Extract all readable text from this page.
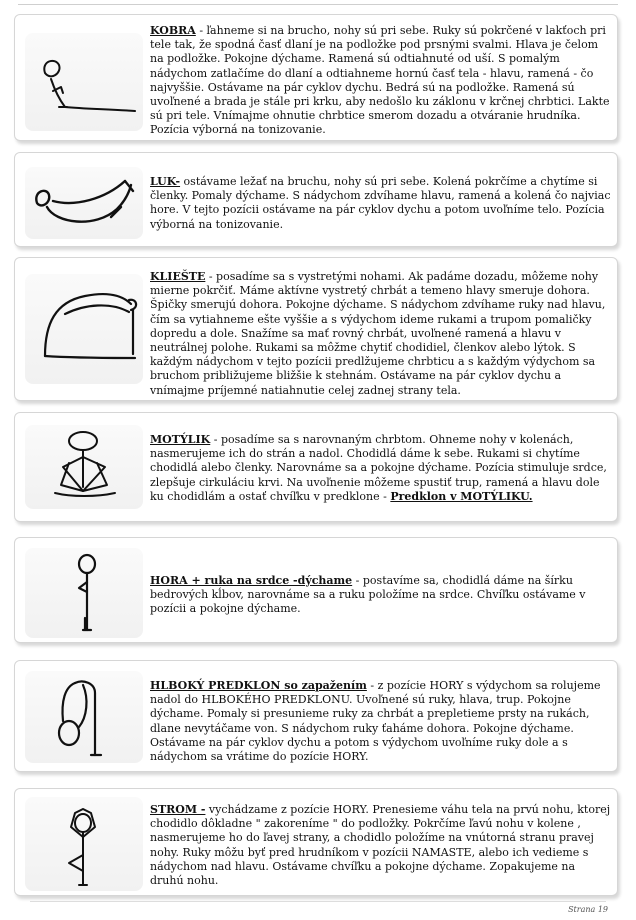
KOBRA - ľahneme si na brucho, nohy sú pri sebe. Ruky sú pokrčené v lakťoch pri tele tak, že spodná časť dlaní je na podložke pod prsnými svalmi. Hlava je čelom na podložke. Pokojne dýchame. Ramená sú odtiahnuté od uší. S pomalým nádychom zatlačíme do dlaní a odtiahneme hornú časť tela - hlavu, ramená - čo najvyššie. Ostávame na pár cyklov dychu. Bedrá sú na podložke. Ramená sú uvoľnené a brada je stále pri krku, aby nedošlo ku záklonu v krčnej chrbtici. Lakte sú pri tele. Vnímajme ohnutie chrbtice smerom dozadu a otváranie hrudníka. Pozícia výborná na tonizovanie.
LUK- ostávame ležať na bruchu, nohy sú pri sebe. Kolená pokrčíme a chytíme si členky. Pomaly dýchame. S nádychom zdvíhame hlavu, ramená a kolená čo najviac hore. V tejto pozícii ostávame na pár cyklov dychu a potom uvoľníme telo. Pozícia výborná na tonizovanie.
KLIEŠTE - posadíme sa s vystretými nohami. Ak padáme dozadu, môžeme nohy mierne pokrčiť. Máme aktívne vystretý chrbát a temeno hlavy smeruje dohora. Špičky smerujú dohora. Pokojne dýchame. S nádychom zdvíhame ruky nad hlavu, čím sa vytiahneme ešte vyššie a s výdychom ideme rukami a trupom pomaličky dopredu a dole. Snažíme sa mať rovný chrbát, uvoľnené ramená a hlavu v neutrálnej polohe. Rukami sa môžme chytiť chodidiel, členkov alebo lýtok. S každým nádychom v tejto pozícii predlžujeme chrbticu a s každým výdychom sa bruchom približujeme bližšie k stehnám. Ostávame na pár cyklov dychu a vnímajme príjemné natiahnutie celej zadnej strany tela.
MOTÝLIK - posadíme sa s narovnaným chrbtom. Ohneme nohy v kolenách, nasmerujeme ich do strán a nadol. Chodidlá dáme k sebe. Rukami si chytíme chodidlá alebo členky. Narovnáme sa a pokojne dýchame. Pozícia stimuluje srdce, zlepšuje cirkuláciu krvi. Na uvoľnenie môžeme spustiť trup, ramená a hlavu dole ku chodidlám a ostať chvíľku v predklone - Predklon v MOTÝLIKU.
HORA + ruka na srdce -dýchame - postavíme sa, chodidlá dáme na šírku bedrových kĺbov, narovnáme sa a ruku položíme na srdce. Chvíľku ostávame v pozícii a pokojne dýchame.
HLBOKÝ PREDKLON so zapažením - z pozície HORY s výdychom sa rolujeme nadol do HLBOKÉHO PREDKLONU. Uvoľnené sú ruky, hlava, trup. Pokojne dýchame. Pomaly si presunieme ruky za chrbát a prepletieme prsty na rukách, dlane nevytáčame von. S nádychom ruky ťaháme dohora. Pokojne dýchame. Ostávame na pár cyklov dychu a potom s výdychom uvoľníme ruky dole a s nádychom sa vrátime do pozície HORY.
STROM - vychádzame z pozície HORY. Prenesieme váhu tela na prvú nohu, ktorej chodidlo dôkladne " zakoreníme " do podložky. Pokrčíme ľavú nohu v kolene , nasmerujeme ho do ľavej strany, a chodidlo položíme na vnútorná stranu pravej nohy. Ruky môžu byť pred hrudníkom v pozícii NAMASTE, alebo ich vedieme s nádychom nad hlavu. Ostávame chvíľku a pokojne dýchame. Zopakujeme na druhú nohu.
Strana 19
